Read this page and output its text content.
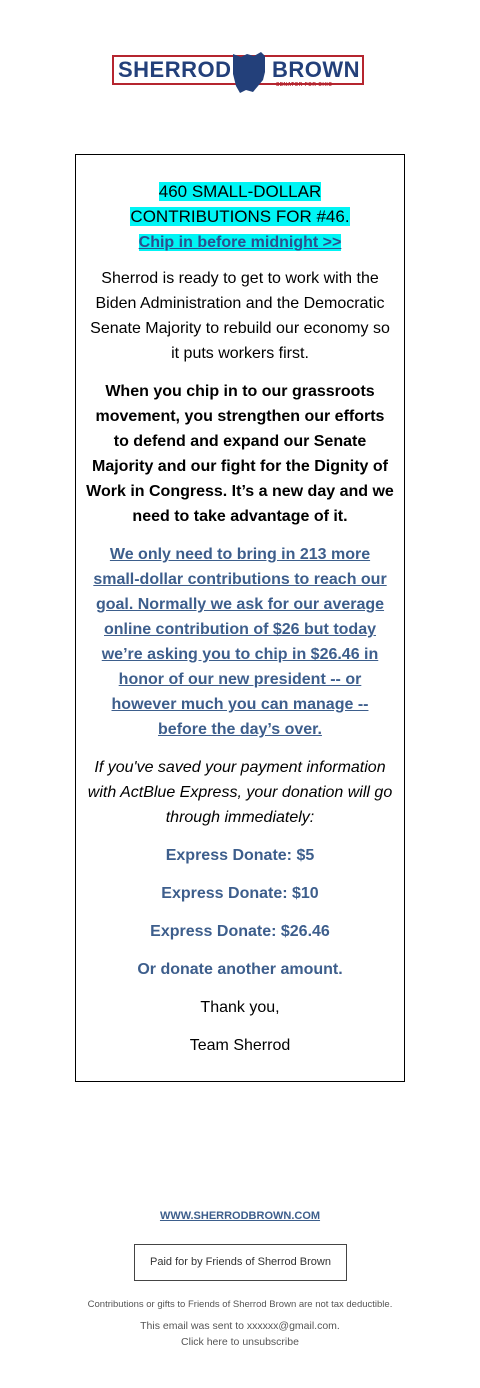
SHERROD BROWN
SENATOR FOR OHIO
460 SMALL-DOLLAR
CONTRIBUTIONS FOR #46.
Chip in before midnight >>
Sherrod is ready to get to work with the Biden Administration and the Democratic Senate Majority to rebuild our economy so it puts workers first.
When you chip in to our grassroots movement, you strengthen our efforts to defend and expand our Senate Majority and our fight for the Dignity of Work in Congress. It’s a new day and we need to take advantage of it.
We only need to bring in 213 more small-dollar contributions to reach our goal. Normally we ask for our average online contribution of $26 but today we’re asking you to chip in $26.46 in honor of our new president -- or however much you can manage -- before the day’s over.
If you've saved your payment information with ActBlue Express, your donation will go through immediately:
Express Donate: $5
Express Donate: $10
Express Donate: $26.46
Or donate another amount.
Thank you,
Team Sherrod
WWW.SHERRODBROWN.COM
Paid for by Friends of Sherrod Brown
Contributions or gifts to Friends of Sherrod Brown are not tax deductible.
This email was sent to xxxxxx@gmail.com.
Click here to unsubscribe
